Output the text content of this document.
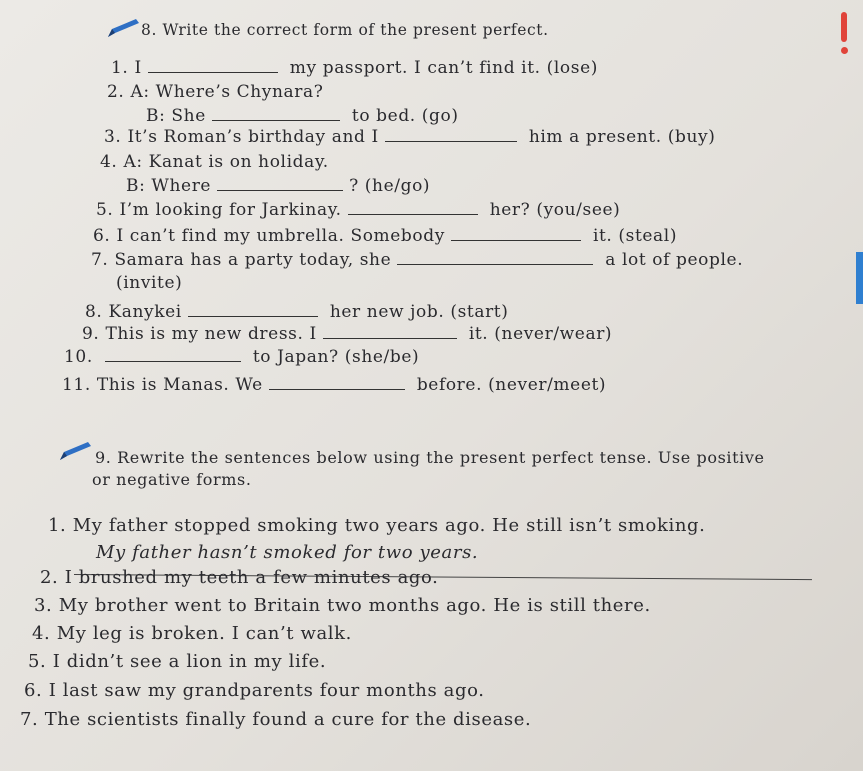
8. Write the correct form of the present perfect.
1. I	my passport. I can’t find it. (lose)
2. A: Where’s Chynara?
B: She	to bed. (go)
3. It’s Roman’s birthday and I	him a present. (buy)
4. A: Kanat is on holiday.
B: Where	? (he/go)
5. I’m looking for Jarkinay.	her? (you/see)
6. I can’t find my umbrella. Somebody	it. (steal)
7. Samara has a party today, she	a lot of people.
(invite)
8. Kanykei	her new job. (start)
9. This is my new dress. I	it. (never/wear)
10.	to Japan? (she/be)
11. This is Manas. We	before. (never/meet)
9. Rewrite the sentences below using the present perfect tense. Use positive
or negative forms.
1. My father stopped smoking two years ago. He still isn’t smoking.
My father hasn’t smoked for two years.
2. I brushed my teeth a few minutes ago.
3. My brother went to Britain two months ago. He is still there.
4. My leg is broken. I can’t walk.
5. I didn’t see a lion in my life.
6. I last saw my grandparents four months ago.
7. The scientists finally found a cure for the disease.
